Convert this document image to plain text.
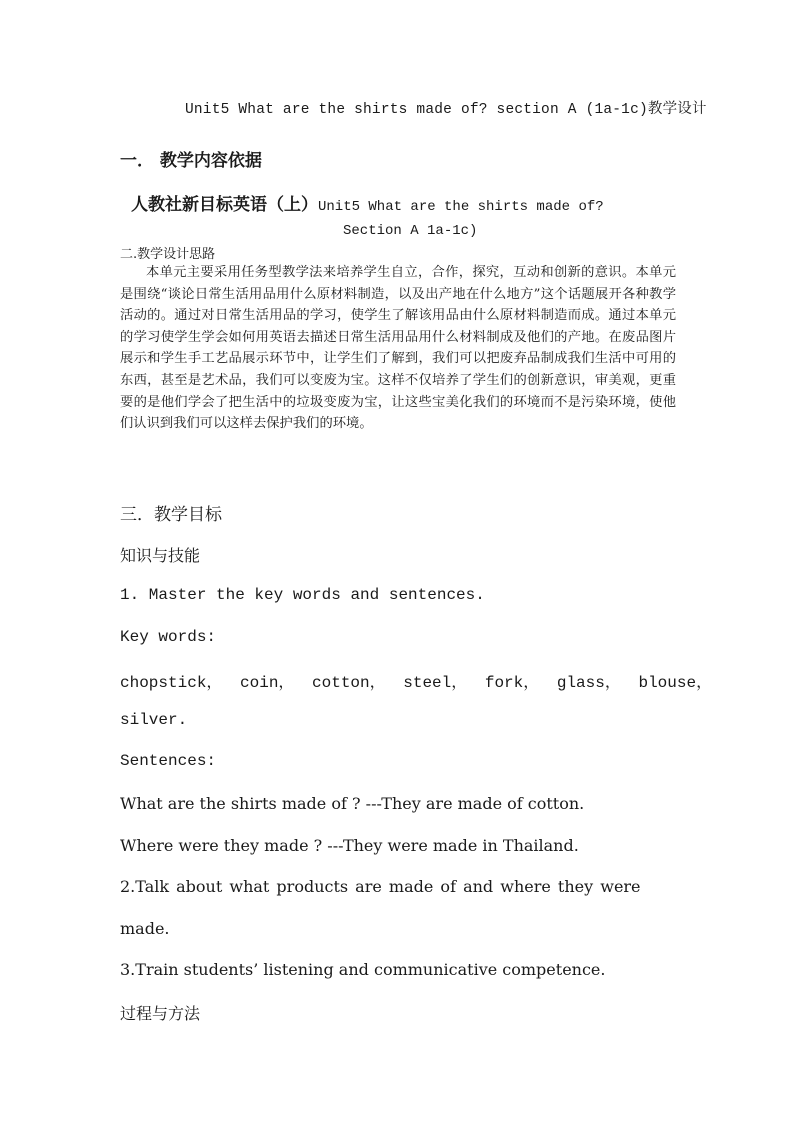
Unit5 What are the shirts made of? section A (1a-1c)教学设计
一． 教学内容依据
人教社新目标英语（上）Unit5 What are the shirts made of?
Section A 1a-1c)
二.教学设计思路
本单元主要采用任务型教学法来培养学生自立，合作，探究，互动和创新的意识。本单元是围绕“谈论日常生活用品用什么原材料制造，以及出产地在什么地方”这个话题展开各种教学活动的。通过对日常生活用品的学习，使学生了解该用品由什么原材料制造而成。通过本单元的学习使学生学会如何用英语去描述日常生活用品用什么材料制成及他们的产地。在废品图片展示和学生手工艺品展示环节中，让学生们了解到，我们可以把废弃品制成我们生活中可用的东西，甚至是艺术品，我们可以变废为宝。这样不仅培养了学生们的创新意识，审美观，更重要的是他们学会了把生活中的垃圾变废为宝，让这些宝美化我们的环境而不是污染环境，使他们认识到我们可以这样去保护我们的环境。
三．教学目标
知识与技能
1. Master the key words and sentences.
Key words:
chopstick， coin， cotton， steel， fork， glass， blouse，
silver.
Sentences:
What are the shirts made of ? ---They are made of cotton.
Where were they made ? ---They were made in Thailand.
2.Talk about what products are made of and where they were
made.
3.Train students’ listening and communicative competence.
过程与方法
